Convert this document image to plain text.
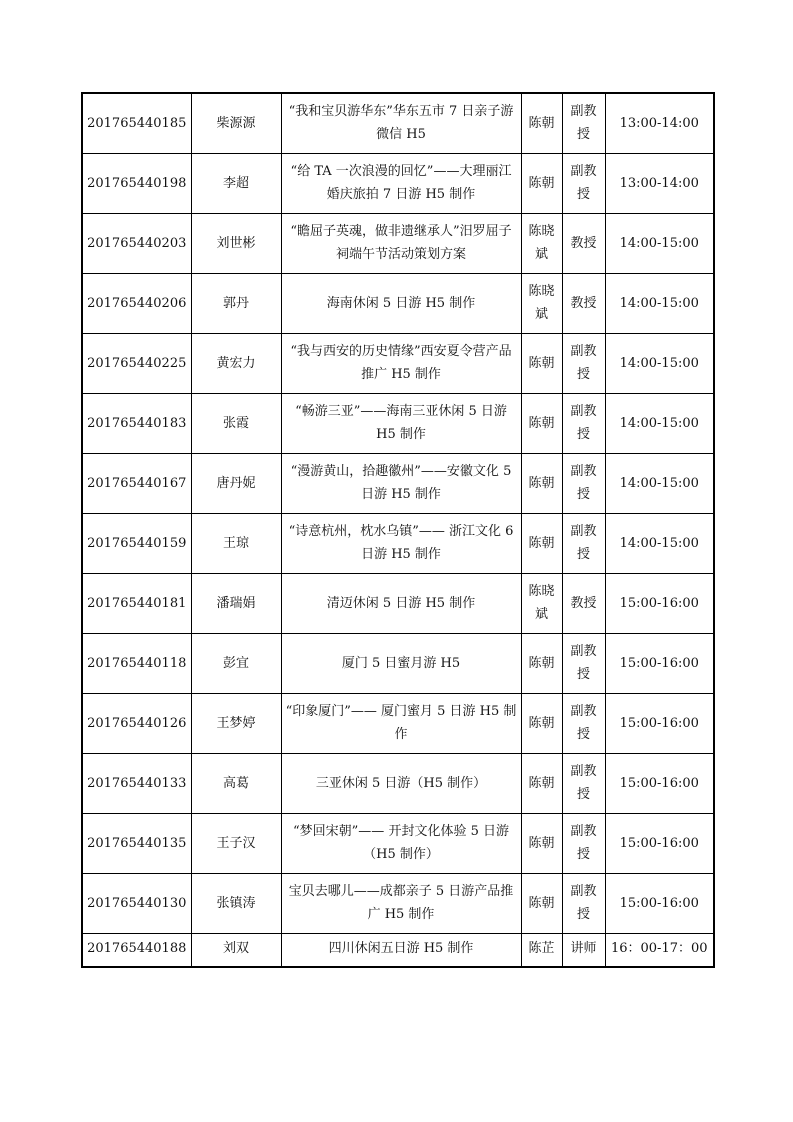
201765440185	柴源源	“我和宝贝游华东”华东五市 7 日亲子游微信 H5	陈朝	副教授	13:00-14:00
201765440198	李超	“给 TA 一次浪漫的回忆”——大理丽江婚庆旅拍 7 日游 H5 制作	陈朝	副教授	13:00-14:00
201765440203	刘世彬	“瞻屈子英魂，做非遗继承人”汨罗屈子祠端午节活动策划方案	陈晓斌	教授	14:00-15:00
201765440206	郭丹	海南休闲 5 日游 H5 制作	陈晓斌	教授	14:00-15:00
201765440225	黄宏力	“我与西安的历史情缘”西安夏令营产品推广 H5 制作	陈朝	副教授	14:00-15:00
201765440183	张霞	“畅游三亚”——海南三亚休闲 5 日游 H5 制作	陈朝	副教授	14:00-15:00
201765440167	唐丹妮	“漫游黄山，拾趣徽州”——安徽文化 5 日游 H5 制作	陈朝	副教授	14:00-15:00
201765440159	王琼	“诗意杭州，枕水乌镇”—— 浙江文化 6 日游 H5 制作	陈朝	副教授	14:00-15:00
201765440181	潘瑞娟	清迈休闲 5 日游 H5 制作	陈晓斌	教授	15:00-16:00
201765440118	彭宜	厦门 5 日蜜月游 H5	陈朝	副教授	15:00-16:00
201765440126	王梦婷	“印象厦门”—— 厦门蜜月 5 日游 H5 制作	陈朝	副教授	15:00-16:00
201765440133	高葛	三亚休闲 5 日游（H5 制作）	陈朝	副教授	15:00-16:00
201765440135	王子汉	“梦回宋朝”—— 开封文化体验 5 日游（H5 制作）	陈朝	副教授	15:00-16:00
201765440130	张镇涛	宝贝去哪儿——成都亲子 5 日游产品推广 H5 制作	陈朝	副教授	15:00-16:00
201765440188	刘双	四川休闲五日游 H5 制作	陈芷	讲师	16：00-17：00
